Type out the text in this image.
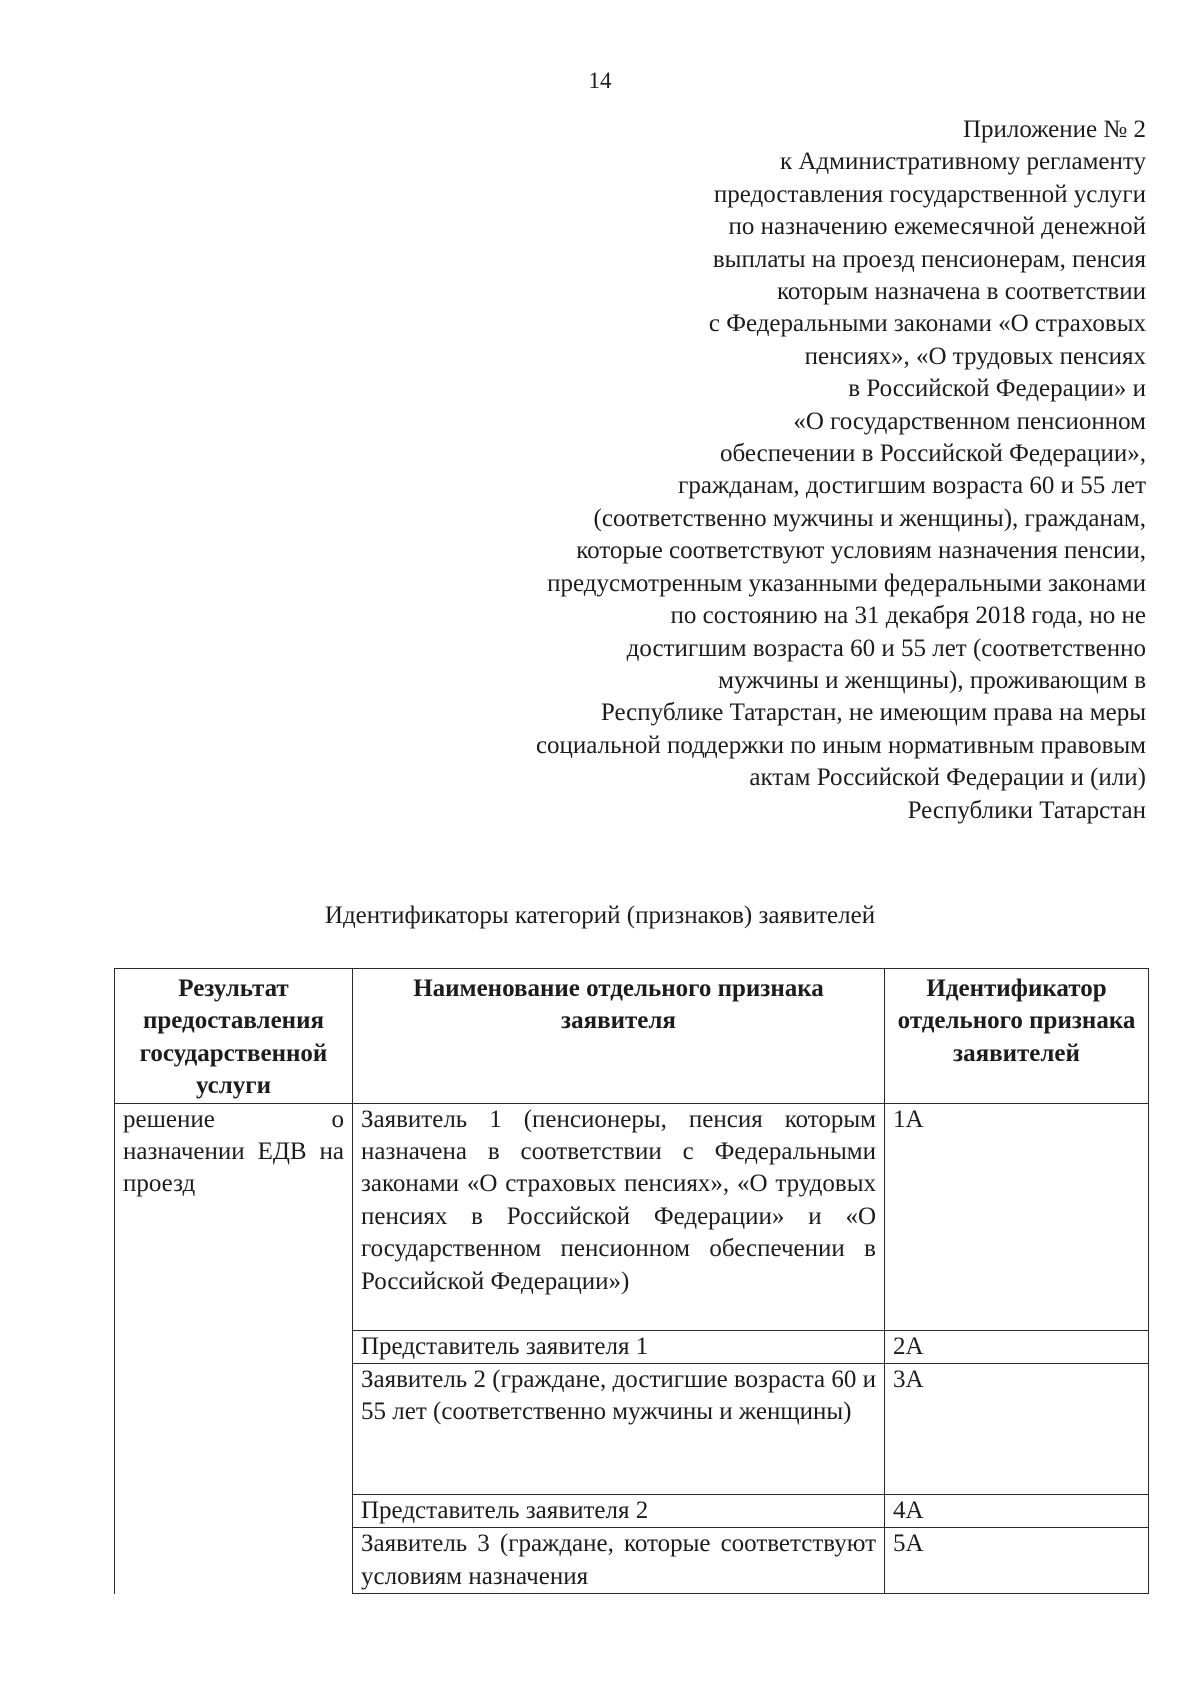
14
Приложение № 2
к Административному регламенту
предоставления государственной услуги
по назначению ежемесячной денежной
выплаты на проезд пенсионерам, пенсия
которым назначена в соответствии
с Федеральными законами «О страховых
пенсиях», «О трудовых пенсиях
в Российской Федерации» и
«О государственном пенсионном
обеспечении в Российской Федерации»,
гражданам, достигшим возраста 60 и 55 лет
(соответственно мужчины и женщины), гражданам,
которые соответствуют условиям назначения пенсии,
предусмотренным указанными федеральными законами
по состоянию на 31 декабря 2018 года, но не
достигшим возраста 60 и 55 лет (соответственно
мужчины и женщины), проживающим в
Республике Татарстан, не имеющим права на меры
социальной поддержки по иным нормативным правовым
актам Российской Федерации и (или)
Республики Татарстан
Идентификаторы категорий (признаков) заявителей
Результат предоставления государственной услуги	Наименование отдельного признака заявителя	Идентификатор отдельного признака заявителей
решение о назначении ЕДВ на проезд	Заявитель 1 (пенсионеры, пенсия которым назначена в соответствии с Федеральными законами «О страховых пенсиях», «О трудовых пенсиях в Российской Федерации» и «О государственном пенсионном обеспечении в Российской Федерации»)	1А
	Представитель заявителя 1	2А
	Заявитель 2 (граждане, достигшие возраста 60 и 55 лет (соответственно мужчины и женщины)	3А
	Представитель заявителя 2	4А
	Заявитель 3 (граждане, которые соответствуют условиям назначения	5А
